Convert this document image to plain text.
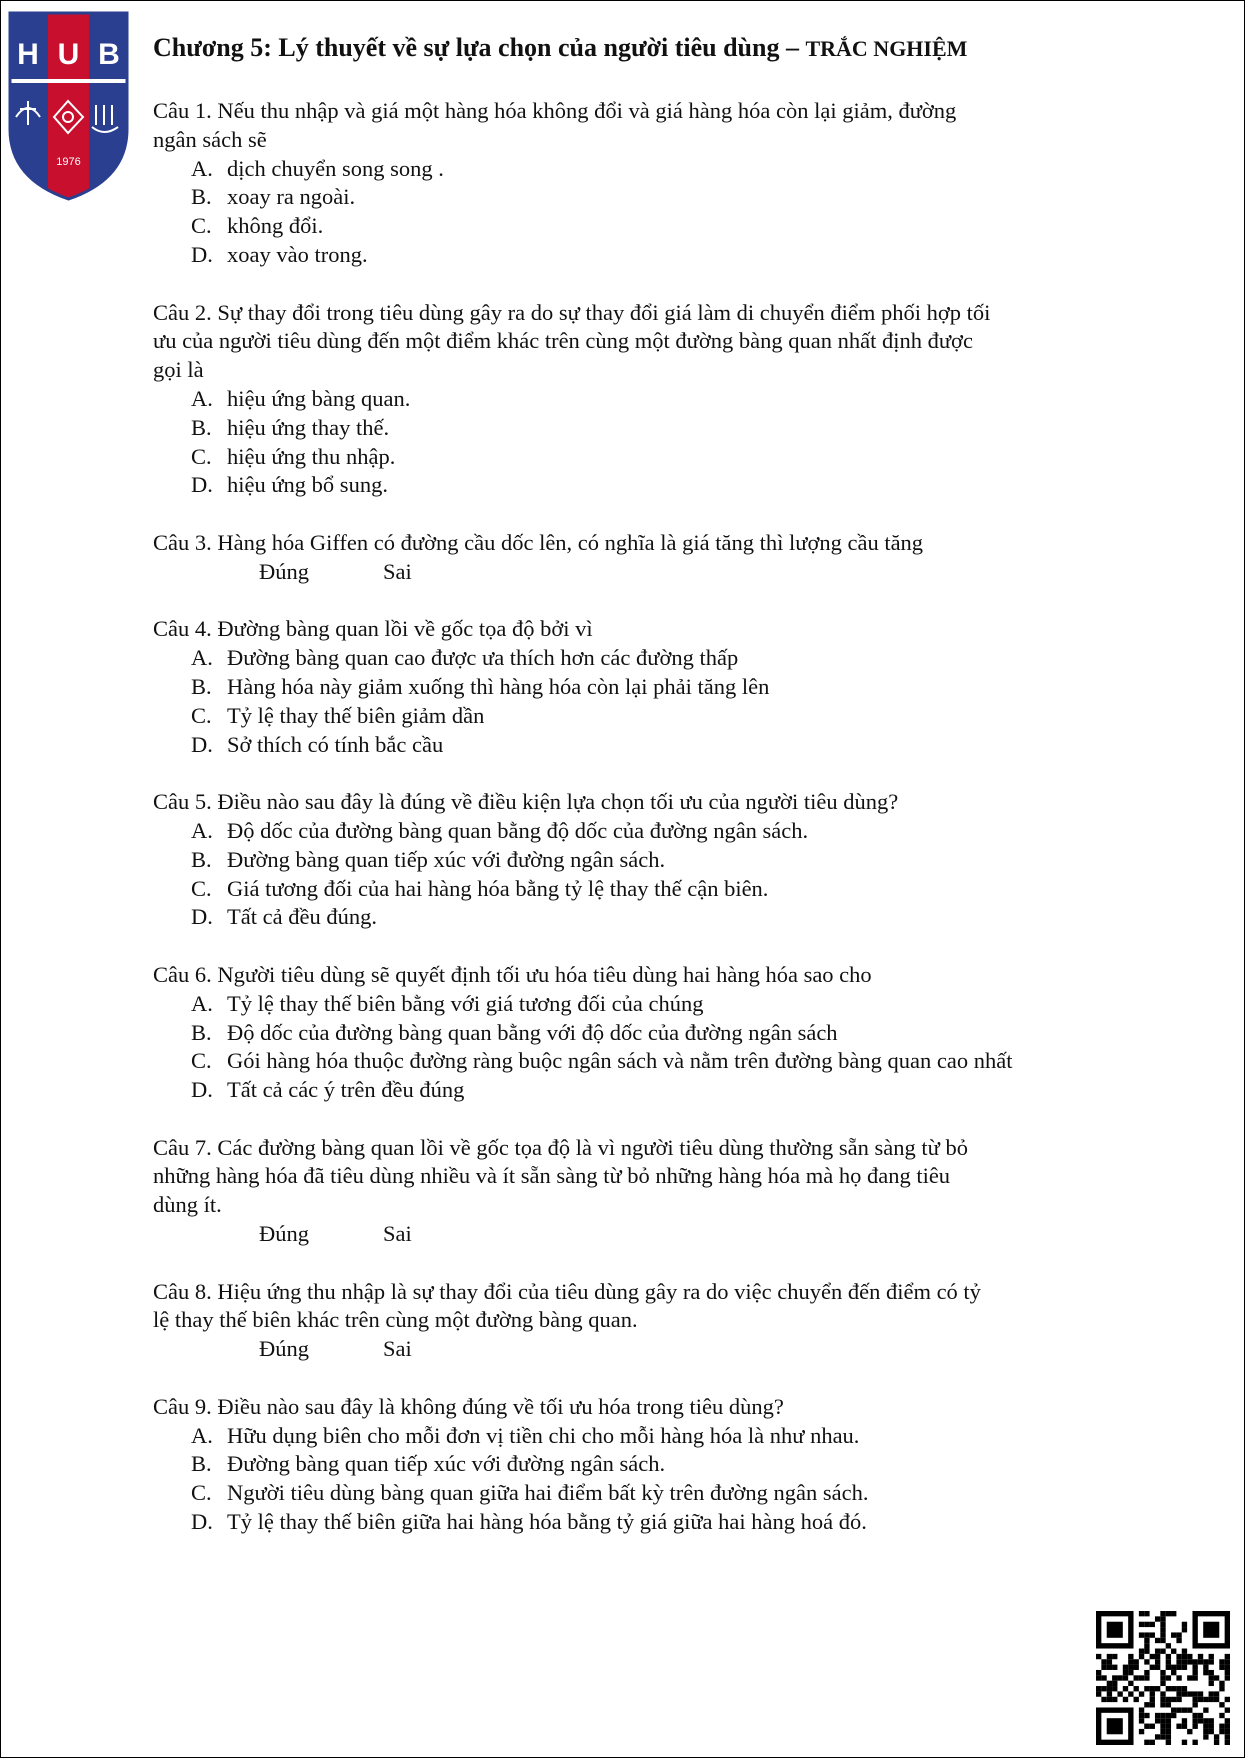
H U B
1976
Chương 5: Lý thuyết về sự lựa chọn của người tiêu dùng – TRẮC NGHIỆM

Câu 1. Nếu thu nhập và giá một hàng hóa không đổi và giá hàng hóa còn lại giảm, đường

ngân sách sẽ

A. dịch chuyển song song .
B. xoay ra ngoài.
C. không đổi.
D. xoay vào trong.

Câu 2. Sự thay đổi trong tiêu dùng gây ra do sự thay đổi giá làm di chuyển điểm phối hợp tối

ưu của người tiêu dùng đến một điểm khác trên cùng một đường bàng quan nhất định được

gọi là

A. hiệu ứng bàng quan.
B. hiệu ứng thay thế.
C. hiệu ứng thu nhập.
D. hiệu ứng bổ sung.

Câu 3. Hàng hóa Giffen có đường cầu dốc lên, có nghĩa là giá tăng thì lượng cầu tăng

Đúng	Sai

Câu 4. Đường bàng quan lồi về gốc tọa độ bởi vì

A. Đường bàng quan cao được ưa thích hơn các đường thấp
B. Hàng hóa này giảm xuống thì hàng hóa còn lại phải tăng lên
C. Tỷ lệ thay thế biên giảm dần
D. Sở thích có tính bắc cầu

Câu 5. Điều nào sau đây là đúng về điều kiện lựa chọn tối ưu của người tiêu dùng?

A. Độ dốc của đường bàng quan bằng độ dốc của đường ngân sách.
B. Đường bàng quan tiếp xúc với đường ngân sách.
C. Giá tương đối của hai hàng hóa bằng tỷ lệ thay thế cận biên.
D. Tất cả đều đúng.

Câu 6. Người tiêu dùng sẽ quyết định tối ưu hóa tiêu dùng hai hàng hóa sao cho

A. Tỷ lệ thay thế biên bằng với giá tương đối của chúng
B. Độ dốc của đường bàng quan bằng với độ dốc của đường ngân sách
C. Gói hàng hóa thuộc đường ràng buộc ngân sách và nằm trên đường bàng quan cao nhất
D. Tất cả các ý trên đều đúng

Câu 7. Các đường bàng quan lồi về gốc tọa độ là vì người tiêu dùng thường sẵn sàng từ bỏ

những hàng hóa đã tiêu dùng nhiều và ít sẵn sàng từ bỏ những hàng hóa mà họ đang tiêu

dùng ít.

Đúng	Sai

Câu 8. Hiệu ứng thu nhập là sự thay đổi của tiêu dùng gây ra do việc chuyển đến điểm có tỷ

lệ thay thế biên khác trên cùng một đường bàng quan.

Đúng	Sai

Câu 9. Điều nào sau đây là không đúng về tối ưu hóa trong tiêu dùng?

A. Hữu dụng biên cho mỗi đơn vị tiền chi cho mỗi hàng hóa là như nhau.
B. Đường bàng quan tiếp xúc với đường ngân sách.
C. Người tiêu dùng bàng quan giữa hai điểm bất kỳ trên đường ngân sách.
D. Tỷ lệ thay thế biên giữa hai hàng hóa bằng tỷ giá giữa hai hàng hoá đó.
